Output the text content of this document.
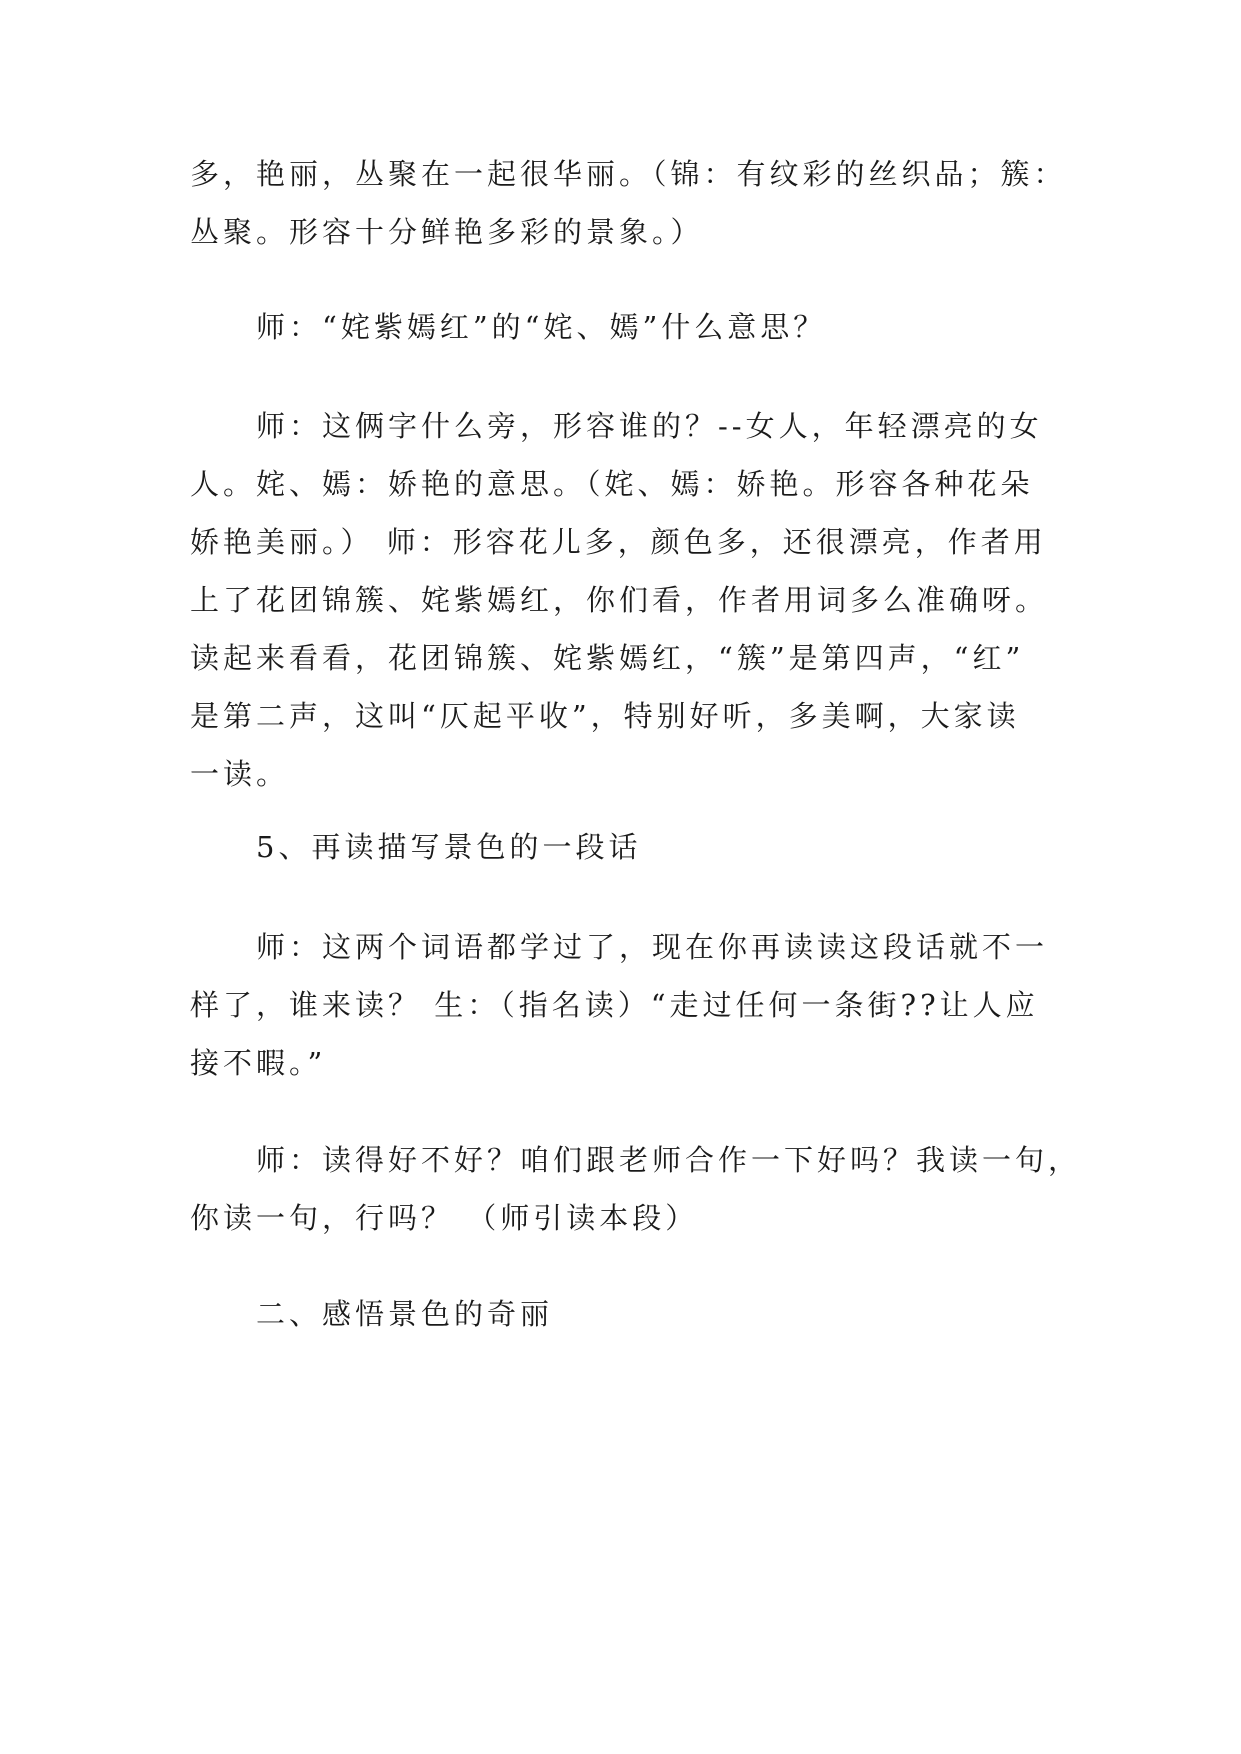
多，艳丽，丛聚在一起很华丽。（锦：有纹彩的丝织品；簇：
丛聚。形容十分鲜艳多彩的景象。）
师：“姹紫嫣红”的“姹、嫣”什么意思？
师：这俩字什么旁，形容谁的？--女人，年轻漂亮的女
人。姹、嫣：娇艳的意思。（姹、嫣：娇艳。形容各种花朵
娇艳美丽。） 师：形容花儿多，颜色多，还很漂亮，作者用
上了花团锦簇、姹紫嫣红，你们看，作者用词多么准确呀。
读起来看看，花团锦簇、姹紫嫣红，“簇”是第四声，“红”
是第二声，这叫“仄起平收”，特别好听，多美啊，大家读
一读。
5、再读描写景色的一段话
师：这两个词语都学过了，现在你再读读这段话就不一
样了，谁来读？ 生：（指名读）“走过任何一条街??让人应
接不暇。”
师：读得好不好？咱们跟老师合作一下好吗？我读一句，
你读一句，行吗？ （师引读本段）
二、感悟景色的奇丽
